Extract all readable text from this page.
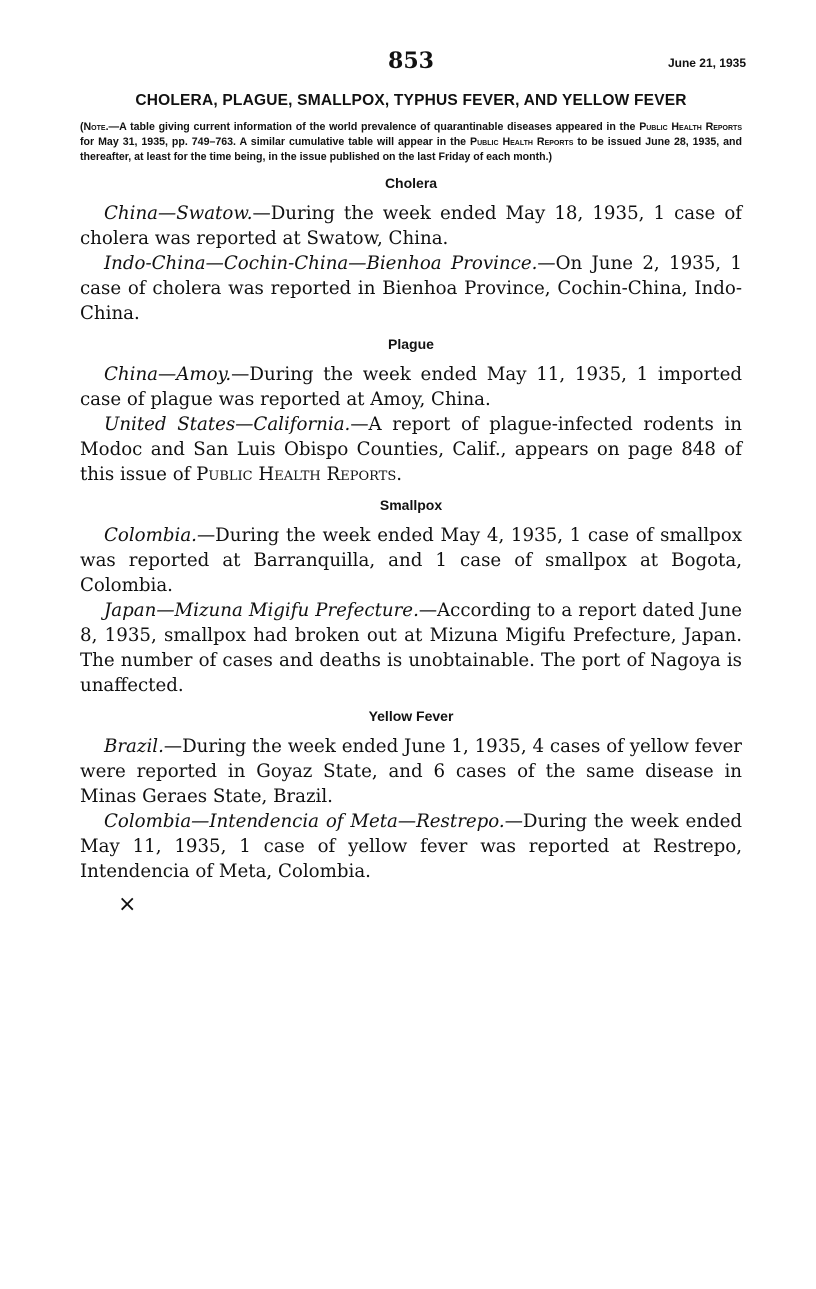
853	June 21, 1935
CHOLERA, PLAGUE, SMALLPOX, TYPHUS FEVER, AND YELLOW FEVER

(Note.—A table giving current information of the world prevalence of quarantinable diseases appeared in the Public Health Reports for May 31, 1935, pp. 749–763. A similar cumulative table will appear in the Public Health Reports to be issued June 28, 1935, and thereafter, at least for the time being, in the issue published on the last Friday of each month.)

Cholera

China—Swatow.—During the week ended May 18, 1935, 1 case of cholera was reported at Swatow, China.

Indo-China—Cochin-China—Bienhoa Province.—On June 2, 1935, 1 case of cholera was reported in Bienhoa Province, Cochin-China, Indo-China.

Plague

China—Amoy.—During the week ended May 11, 1935, 1 imported case of plague was reported at Amoy, China.

United States—California.—A report of plague-infected rodents in Modoc and San Luis Obispo Counties, Calif., appears on page 848 of this issue of Public Health Reports.

Smallpox

Colombia.—During the week ended May 4, 1935, 1 case of smallpox was reported at Barranquilla, and 1 case of smallpox at Bogota, Colombia.

Japan—Mizuna Migifu Prefecture.—According to a report dated June 8, 1935, smallpox had broken out at Mizuna Migifu Prefecture, Japan. The number of cases and deaths is unobtainable. The port of Nagoya is unaffected.

Yellow Fever

Brazil.—During the week ended June 1, 1935, 4 cases of yellow fever were reported in Goyaz State, and 6 cases of the same disease in Minas Geraes State, Brazil.

Colombia—Intendencia of Meta—Restrepo.—During the week ended May 11, 1935, 1 case of yellow fever was reported at Restrepo, Intendencia of Meta, Colombia.

×
